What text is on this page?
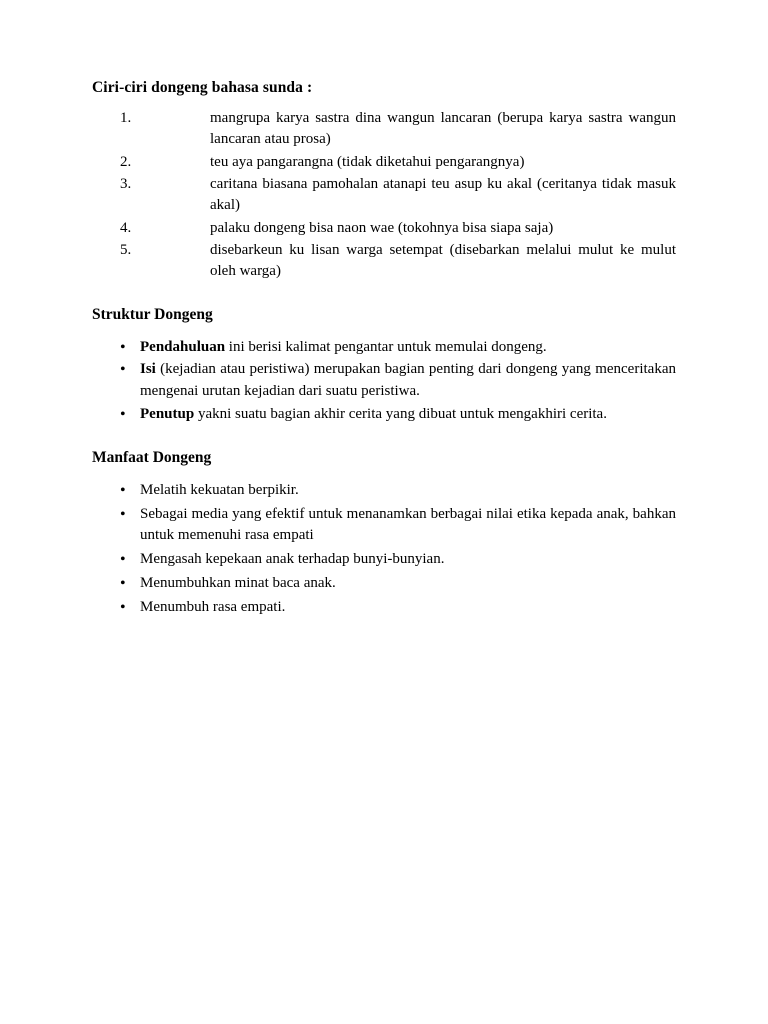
Ciri-ciri dongeng bahasa sunda :
1.	mangrupa karya sastra dina wangun lancaran (berupa karya sastra wangun lancaran atau prosa)
2.	teu aya pangarangna (tidak diketahui pengarangnya)
3.	caritana biasana pamohalan atanapi teu asup ku akal (ceritanya tidak masuk akal)
4.	palaku dongeng bisa naon wae (tokohnya bisa siapa saja)
5.	disebarkeun ku lisan warga setempat (disebarkan melalui mulut ke mulut oleh warga)
Struktur Dongeng
• Pendahuluan ini berisi kalimat pengantar untuk memulai dongeng.
• Isi (kejadian atau peristiwa) merupakan bagian penting dari dongeng yang menceritakan mengenai urutan kejadian dari suatu peristiwa.
• Penutup yakni suatu bagian akhir cerita yang dibuat untuk mengakhiri cerita.
Manfaat Dongeng
• Melatih kekuatan berpikir.
• Sebagai media yang efektif untuk menanamkan berbagai nilai etika kepada anak, bahkan untuk memenuhi rasa empati
• Mengasah kepekaan anak terhadap bunyi-bunyian.
• Menumbuhkan minat baca anak.
• Menumbuh rasa empati.
